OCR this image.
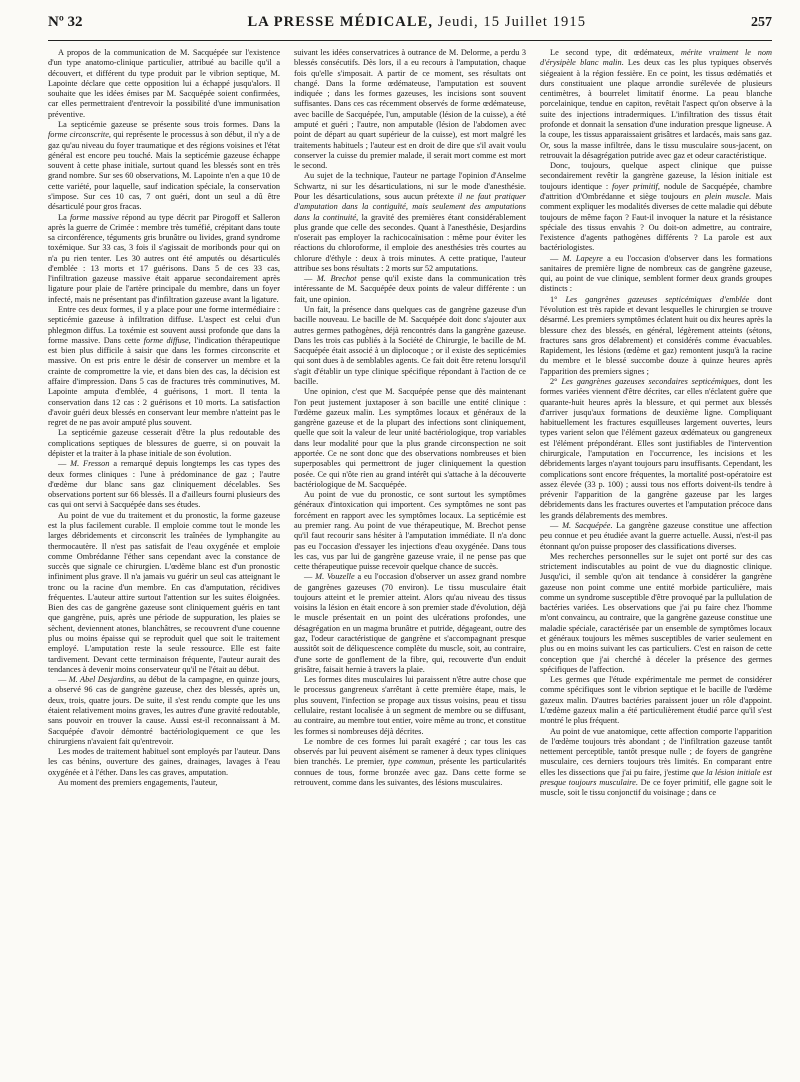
Nº 32	LA PRESSE MÉDICALE, Jeudi, 15 Juillet 1915	257

A propos de la communication de M. Sacquépée sur l'existence d'un type anatomo-clinique particulier, attribué au bacille qu'il a découvert, et différent du type produit par le vibrion septique, M. Lapointe déclare que cette opposition lui a échappé jusqu'alors. Il souhaite que les idées émises par M. Sacquépée soient confirmées, car elles permettraient d'entrevoir la possibilité d'une immunisation préventive.

La septicémie gazeuse se présente sous trois formes. Dans la forme circonscrite, qui représente le processus à son début, il n'y a de gaz qu'au niveau du foyer traumatique et des régions voisines et l'état général est encore peu touché. Mais la septicémie gazeuse échappe souvent à cette phase initiale, surtout quand les blessés sont en très grand nombre. Sur ses 60 observations, M. Lapointe n'en a que 10 de cette variété, pour laquelle, sauf indication spéciale, la conservation s'impose. Sur ces 10 cas, 7 ont guéri, dont un seul a dû être désarticulé pour gros fracas.

La forme massive répond au type décrit par Pirogoff et Salleron après la guerre de Crimée : membre très tuméfié, crépitant dans toute sa circonférence, téguments gris brunâtre ou livides, grand syndrome toxémique. Sur 33 cas, 3 fois il s'agissait de moribonds pour qui on n'a pu rien tenter. Les 30 autres ont été amputés ou désarticulés d'emblée : 13 morts et 17 guérisons. Dans 5 de ces 33 cas, l'infiltration gazeuse massive était apparue secondairement après ligature pour plaie de l'artère principale du membre, dans un foyer infecté, mais ne présentant pas d'infiltration gazeuse avant la ligature.

Entre ces deux formes, il y a place pour une forme intermédiaire : septicémie gazeuse à infiltration diffuse. L'aspect est celui d'un phlegmon diffus. La toxémie est souvent aussi profonde que dans la forme massive. Dans cette forme diffuse, l'indication thérapeutique est bien plus difficile à saisir que dans les formes circonscrite et massive. On est pris entre le désir de conserver un membre et la crainte de compromettre la vie, et dans bien des cas, la décision est affaire d'impression. Dans 5 cas de fractures très comminutives, M. Lapointe amputa d'emblée, 4 guérisons, 1 mort. Il tenta la conservation dans 12 cas : 2 guérisons et 10 morts. La satisfaction d'avoir guéri deux blessés en conservant leur membre n'atteint pas le regret de ne pas avoir amputé plus souvent.

La septicémie gazeuse cesserait d'être la plus redoutable des complications septiques de blessures de guerre, si on pouvait la dépister et la traiter à la phase initiale de son évolution.

— M. Fresson a remarqué depuis longtemps les cas types des deux formes cliniques : l'une à prédominance de gaz ; l'autre d'œdème dur blanc sans gaz cliniquement décelables. Ses observations portent sur 66 blessés. Il a d'ailleurs fourni plusieurs des cas qui ont servi à Sacquépée dans ses études.

Au point de vue du traitement et du pronostic, la forme gazeuse est la plus facilement curable. Il emploie comme tout le monde les larges débridements et circonscrit les traînées de lymphangite au thermocautère. Il n'est pas satisfait de l'eau oxygénée et emploie comme Ombrédanne l'éther sans cependant avec la constance de succès que signale ce chirurgien. L'œdème blanc est d'un pronostic infiniment plus grave. Il n'a jamais vu guérir un seul cas atteignant le tronc ou la racine d'un membre. En cas d'amputation, récidives fréquentes. L'auteur attire surtout l'attention sur les suites éloignées. Bien des cas de gangrène gazeuse sont cliniquement guéris en tant que gangrène, puis, après une période de suppuration, les plaies se sèchent, deviennent atones, blanchâtres, se recouvrent d'une couenne plus ou moins épaisse qui se reproduit quel que soit le traitement employé. L'amputation reste la seule ressource. Elle est faite tardivement. Devant cette terminaison fréquente, l'auteur aurait des tendances à devenir moins conservateur qu'il ne l'était au début.

— M. Abel Desjardins, au début de la campagne, en quinze jours, a observé 96 cas de gangrène gazeuse, chez des blessés, après un, deux, trois, quatre jours. De suite, il s'est rendu compte que les uns étaient relativement moins graves, les autres d'une gravité redoutable, sans pouvoir en trouver la cause. Aussi est-il reconnaissant à M. Sacquépée d'avoir démontré bactériologiquement ce que les chirurgiens n'avaient fait qu'entrevoir.

Les modes de traitement habituel sont employés par l'auteur. Dans les cas bénins, ouverture des gaines, drainages, lavages à l'eau oxygénée et à l'éther. Dans les cas graves, amputation.

Au moment des premiers engagements, l'auteur,

suivant les idées conservatrices à outrance de M. Delorme, a perdu 3 blessés consécutifs. Dès lors, il a eu recours à l'amputation, chaque fois qu'elle s'imposait. A partir de ce moment, ses résultats ont changé. Dans la forme œdémateuse, l'amputation est souvent indiquée ; dans les formes gazeuses, les incisions sont souvent suffisantes. Dans ces cas récemment observés de forme œdémateuse, avec bacille de Sacquépée, l'un, amputable (lésion de la cuisse), a été amputé et guéri ; l'autre, non amputable (lésion de l'abdomen avec point de départ au quart supérieur de la cuisse), est mort malgré les traitements habituels ; l'auteur est en droit de dire que s'il avait voulu conserver la cuisse du premier malade, il serait mort comme est mort le second.

Au sujet de la technique, l'auteur ne partage l'opinion d'Anselme Schwartz, ni sur les désarticulations, ni sur le mode d'anesthésie. Pour les désarticulations, sous aucun prétexte il ne faut pratiquer d'amputation dans la contiguïté, mais seulement des amputations dans la continuité, la gravité des premières étant considérablement plus grande que celle des secondes. Quant à l'anesthésie, Desjardins n'oserait pas employer la rachicocaïnisation : même pour éviter les réactions du chloroforme, il emploie des anesthésies très courtes au chlorure d'éthyle : deux à trois minutes. A cette pratique, l'auteur attribue ses bons résultats : 2 morts sur 52 amputations.

— M. Brechot pense qu'il existe dans la communication très intéressante de M. Sacquépée deux points de valeur différente : un fait, une opinion.

Un fait, la présence dans quelques cas de gangrène gazeuse d'un bacille nouveau. Le bacille de M. Sacquépée doit donc s'ajouter aux autres germes pathogènes, déjà rencontrés dans la gangrène gazeuse. Dans les trois cas publiés à la Société de Chirurgie, le bacille de M. Sacquépée était associé à un diplocoque ; or il existe des septicémies qui sont dues à de semblables agents. Ce fait doit être retenu lorsqu'il s'agit d'établir un type clinique spécifique répondant à l'action de ce bacille.

Une opinion, c'est que M. Sacquépée pense que dès maintenant l'on peut justement juxtaposer à son bacille une entité clinique : l'œdème gazeux malin. Les symptômes locaux et généraux de la gangrène gazeuse et de la plupart des infections sont cliniquement, quelle que soit la valeur de leur unité bactériologique, trop variables dans leur modalité pour que la plus grande circonspection ne soit apportée. Ce ne sont donc que des observations nombreuses et bien superposables qui permettront de juger cliniquement la question posée. Ce qui n'ôte rien au grand intérêt qui s'attache à la découverte bactériologique de M. Sacquépée.

Au point de vue du pronostic, ce sont surtout les symptômes généraux d'intoxication qui importent. Ces symptômes ne sont pas forcément en rapport avec les symptômes locaux. La septicémie est au premier rang. Au point de vue thérapeutique, M. Brechot pense qu'il faut recourir sans hésiter à l'amputation immédiate. Il n'a donc pas eu l'occasion d'essayer les injections d'eau oxygénée. Dans tous les cas, vus par lui de gangrène gazeuse vraie, il ne pense pas que cette thérapeutique puisse recevoir quelque chance de succès.

— M. Vouzelle a eu l'occasion d'observer un assez grand nombre de gangrènes gazeuses (70 environ). Le tissu musculaire était toujours atteint et le premier atteint. Alors qu'au niveau des tissus voisins la lésion en était encore à son premier stade d'évolution, déjà le muscle présentait en un point des ulcérations profondes, une désagrégation en un magma brunâtre et putride, dégageant, outre des gaz, l'odeur caractéristique de gangrène et s'accompagnant presque aussitôt soit de déliquescence complète du muscle, soit, au contraire, d'une sorte de gonflement de la fibre, qui, recouverte d'un enduit grisâtre, faisait hernie à travers la plaie.

Les formes dites musculaires lui paraissent n'être autre chose que le processus gangreneux s'arrêtant à cette première étape, mais, le plus souvent, l'infection se propage aux tissus voisins, peau et tissu cellulaire, restant localisée à un segment de membre ou se diffusant, au contraire, au membre tout entier, voire même au tronc, et constitue les formes si nombreuses déjà décrites.

Le nombre de ces formes lui paraît exagéré ; car tous les cas observés par lui peuvent aisément se ramener à deux types cliniques bien tranchés. Le premier, type commun, présente les particularités connues de tous, forme bronzée avec gaz. Dans cette forme se retrouvent, comme dans les suivantes, des lésions musculaires.

Le second type, dit œdémateux, mérite vraiment le nom d'érysipèle blanc malin. Les deux cas les plus typiques observés siégeaient à la région fessière. En ce point, les tissus œdématiés et durs constituaient une plaque arrondie surélevée de plusieurs centimètres, à bourrelet limitatif énorme. La peau blanche porcelainique, tendue en capiton, revêtait l'aspect qu'on observe à la suite des injections intradermiques. L'infiltration des tissus était profonde et donnait la sensation d'une induration presque ligneuse. A la coupe, les tissus apparaissaient grisâtres et lardacés, mais sans gaz. Or, sous la masse infiltrée, dans le tissu musculaire sous-jacent, on retrouvait la désagrégation putride avec gaz et odeur caractéristique.

Donc, toujours, quelque aspect clinique que puisse secondairement revêtir la gangrène gazeuse, la lésion initiale est toujours identique : foyer primitif, nodule de Sacquépée, chambre d'attrition d'Ombrédanne et siège toujours en plein muscle. Mais comment expliquer les modalités diverses de cette maladie qui débute toujours de même façon ? Faut-il invoquer la nature et la résistance spéciale des tissus envahis ? Ou doit-on admettre, au contraire, l'existence d'agents pathogènes différents ? La parole est aux bactériologistes.

— M. Lapeyre a eu l'occasion d'observer dans les formations sanitaires de première ligne de nombreux cas de gangrène gazeuse, qui, au point de vue clinique, semblent former deux grands groupes distincts :

1° Les gangrènes gazeuses septicémiques d'emblée dont l'évolution est très rapide et devant lesquelles le chirurgien se trouve désarmé. Les premiers symptômes éclatent huit ou dix heures après la blessure chez des blessés, en général, légèrement atteints (sétons, fractures sans gros délabrement) et considérés comme évacuables. Rapidement, les lésions (œdème et gaz) remontent jusqu'à la racine du membre et le blessé succombe douze à quinze heures après l'apparition des premiers signes ;

2° Les gangrènes gazeuses secondaires septicémiques, dont les formes variées viennent d'être décrites, car elles n'éclatent guère que quarante-huit heures après la blessure, et qui permet aux blessés d'arriver jusqu'aux formations de deuxième ligne. Compliquant habituellement les fractures esquilleuses largement ouvertes, leurs types varient selon que l'élément gazeux œdémateux ou gangreneux est l'élément prépondérant. Elles sont justifiables de l'intervention chirurgicale, l'amputation en l'occurrence, les incisions et les débridements larges n'ayant toujours paru insuffisants. Cependant, les complications sont encore fréquentes, la mortalité post-opératoire est assez élevée (33 p. 100) ; aussi tous nos efforts doivent-ils tendre à prévenir l'apparition de la gangrène gazeuse par les larges débridements dans les fractures ouvertes et l'amputation précoce dans les grands délabrements des membres.

— M. Sacquépée. La gangrène gazeuse constitue une affection peu connue et peu étudiée avant la guerre actuelle. Aussi, n'est-il pas étonnant qu'on puisse proposer des classifications diverses.

Mes recherches personnelles sur le sujet ont porté sur des cas strictement indiscutables au point de vue du diagnostic clinique. Jusqu'ici, il semble qu'on ait tendance à considérer la gangrène gazeuse non point comme une entité morbide particulière, mais comme un syndrome susceptible d'être provoqué par la pullulation de bactéries variées. Les observations que j'ai pu faire chez l'homme m'ont convaincu, au contraire, que la gangrène gazeuse constitue une maladie spéciale, caractérisée par un ensemble de symptômes locaux et généraux toujours les mêmes susceptibles de varier seulement en plus ou en moins suivant les cas particuliers. C'est en raison de cette conception que j'ai cherché à déceler la présence des germes spécifiques de l'affection.

Les germes que l'étude expérimentale me permet de considérer comme spécifiques sont le vibrion septique et le bacille de l'œdème gazeux malin. D'autres bactéries paraissent jouer un rôle d'appoint. L'œdème gazeux malin a été particulièrement étudié parce qu'il s'est montré le plus fréquent.

Au point de vue anatomique, cette affection comporte l'apparition de l'œdème toujours très abondant ; de l'infiltration gazeuse tantôt nettement perceptible, tantôt presque nulle ; de foyers de gangrène musculaire, ces derniers toujours très limités. En comparant entre elles les dissections que j'ai pu faire, j'estime que la lésion initiale est presque toujours musculaire. De ce foyer primitif, elle gagne soit le muscle, soit le tissu conjonctif du voisinage ; dans ce
